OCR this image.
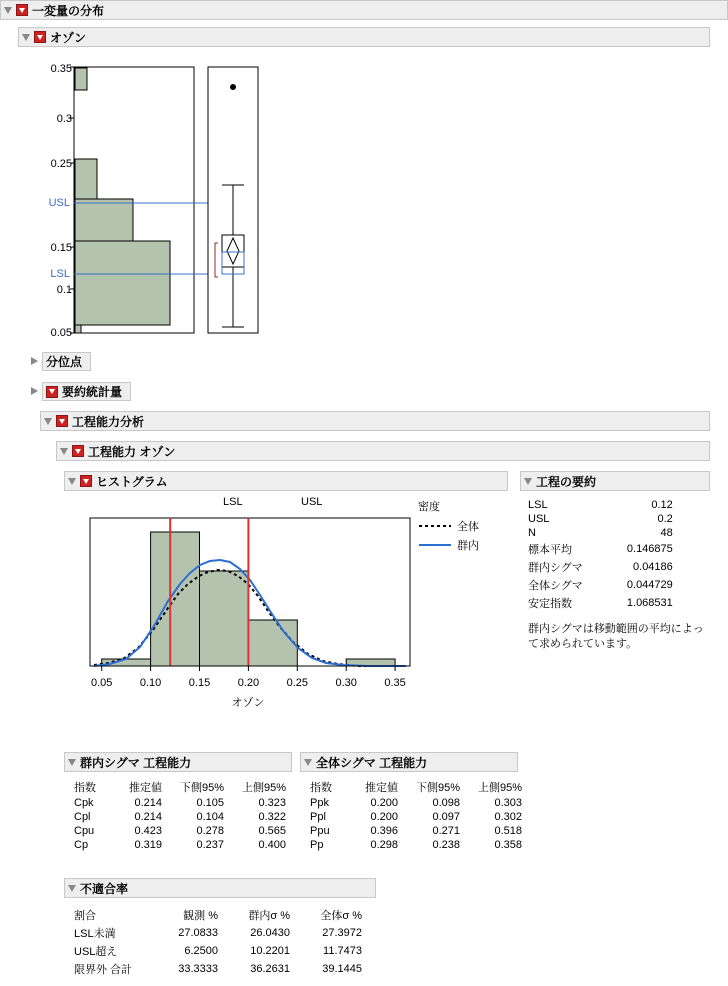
一変量の分布
オゾン
0.35
0.3
0.25
0.15
0.1
0.05
USL
LSL
分位点
要約統計量
工程能力分析
工程能力 オゾン
ヒストグラム	工程の要約
0.05 0.10 0.15 0.20 0.25 0.30 0.35
オゾン
LSL	USL	密度
全体
群内
LSL	0.12
USL	0.2
N	48
標本平均	0.146875
群内シグマ	0.04186
全体シグマ	0.044729
安定指数	1.068531
群内シグマは移動範囲の平均によって求められています。
群内シグマ 工程能力
指数	推定値	下側95%	上側95%
Cpk	0.214	0.105	0.323
Cpl	0.214	0.104	0.322
Cpu	0.423	0.278	0.565
Cp	0.319	0.237	0.400
全体シグマ 工程能力
指数	推定値	下側95%	上側95%
Ppk	0.200	0.098	0.303
Ppl	0.200	0.097	0.302
Ppu	0.396	0.271	0.518
Pp	0.298	0.238	0.358
不適合率
割合	観測 %	群内σ %	全体σ %
LSL未満	27.0833	26.0430	27.3972
USL超え	6.2500	10.2201	11.7473
限界外 合計	33.3333	36.2631	39.1445
